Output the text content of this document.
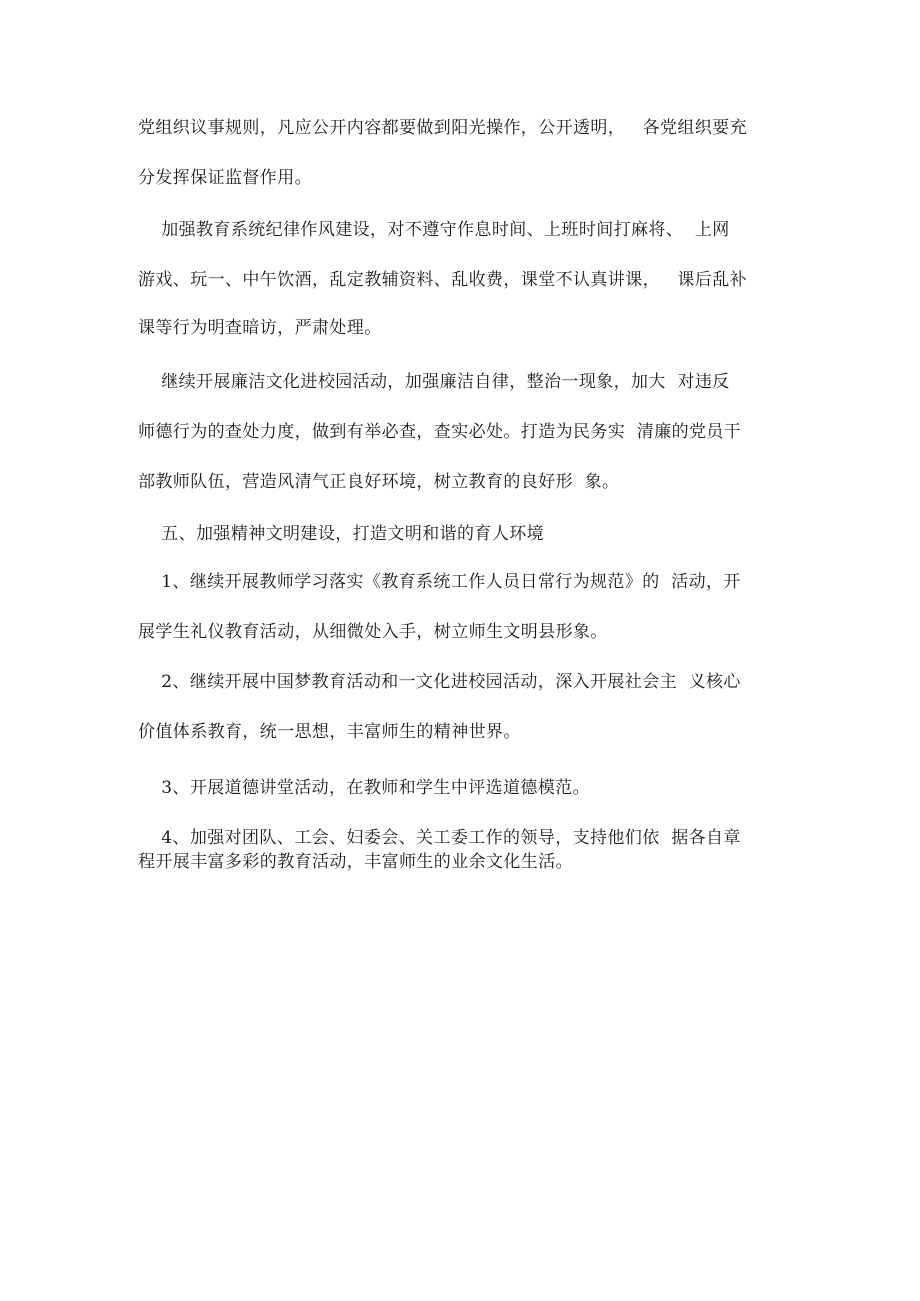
党组织议事规则，凡应公开内容都要做到阳光操作，公开透明，   各党组织要充
分发挥保证监督作用。
加强教育系统纪律作风建设，对不遵守作息时间、上班时间打麻将、  上网
游戏、玩一、中午饮酒，乱定教辅资料、乱收费，课堂不认真讲课，   课后乱补
课等行为明查暗访，严肃处理。
继续开展廉洁文化进校园活动，加强廉洁自律，整治一现象，加大  对违反
师德行为的查处力度，做到有举必查，查实必处。打造为民务实  清廉的党员干
部教师队伍，营造风清气正良好环境，树立教育的良好形  象。
五、加强精神文明建设，打造文明和谐的育人环境
1、继续开展教师学习落实《教育系统工作人员日常行为规范》的  活动，开
展学生礼仪教育活动，从细微处入手，树立师生文明县形象。
2、继续开展中国梦教育活动和一文化进校园活动，深入开展社会主  义核心
价值体系教育，统一思想，丰富师生的精神世界。
3、开展道德讲堂活动，在教师和学生中评选道德模范。
4、加强对团队、工会、妇委会、关工委工作的领导，支持他们依  据各自章
程开展丰富多彩的教育活动，丰富师生的业余文化生活。
